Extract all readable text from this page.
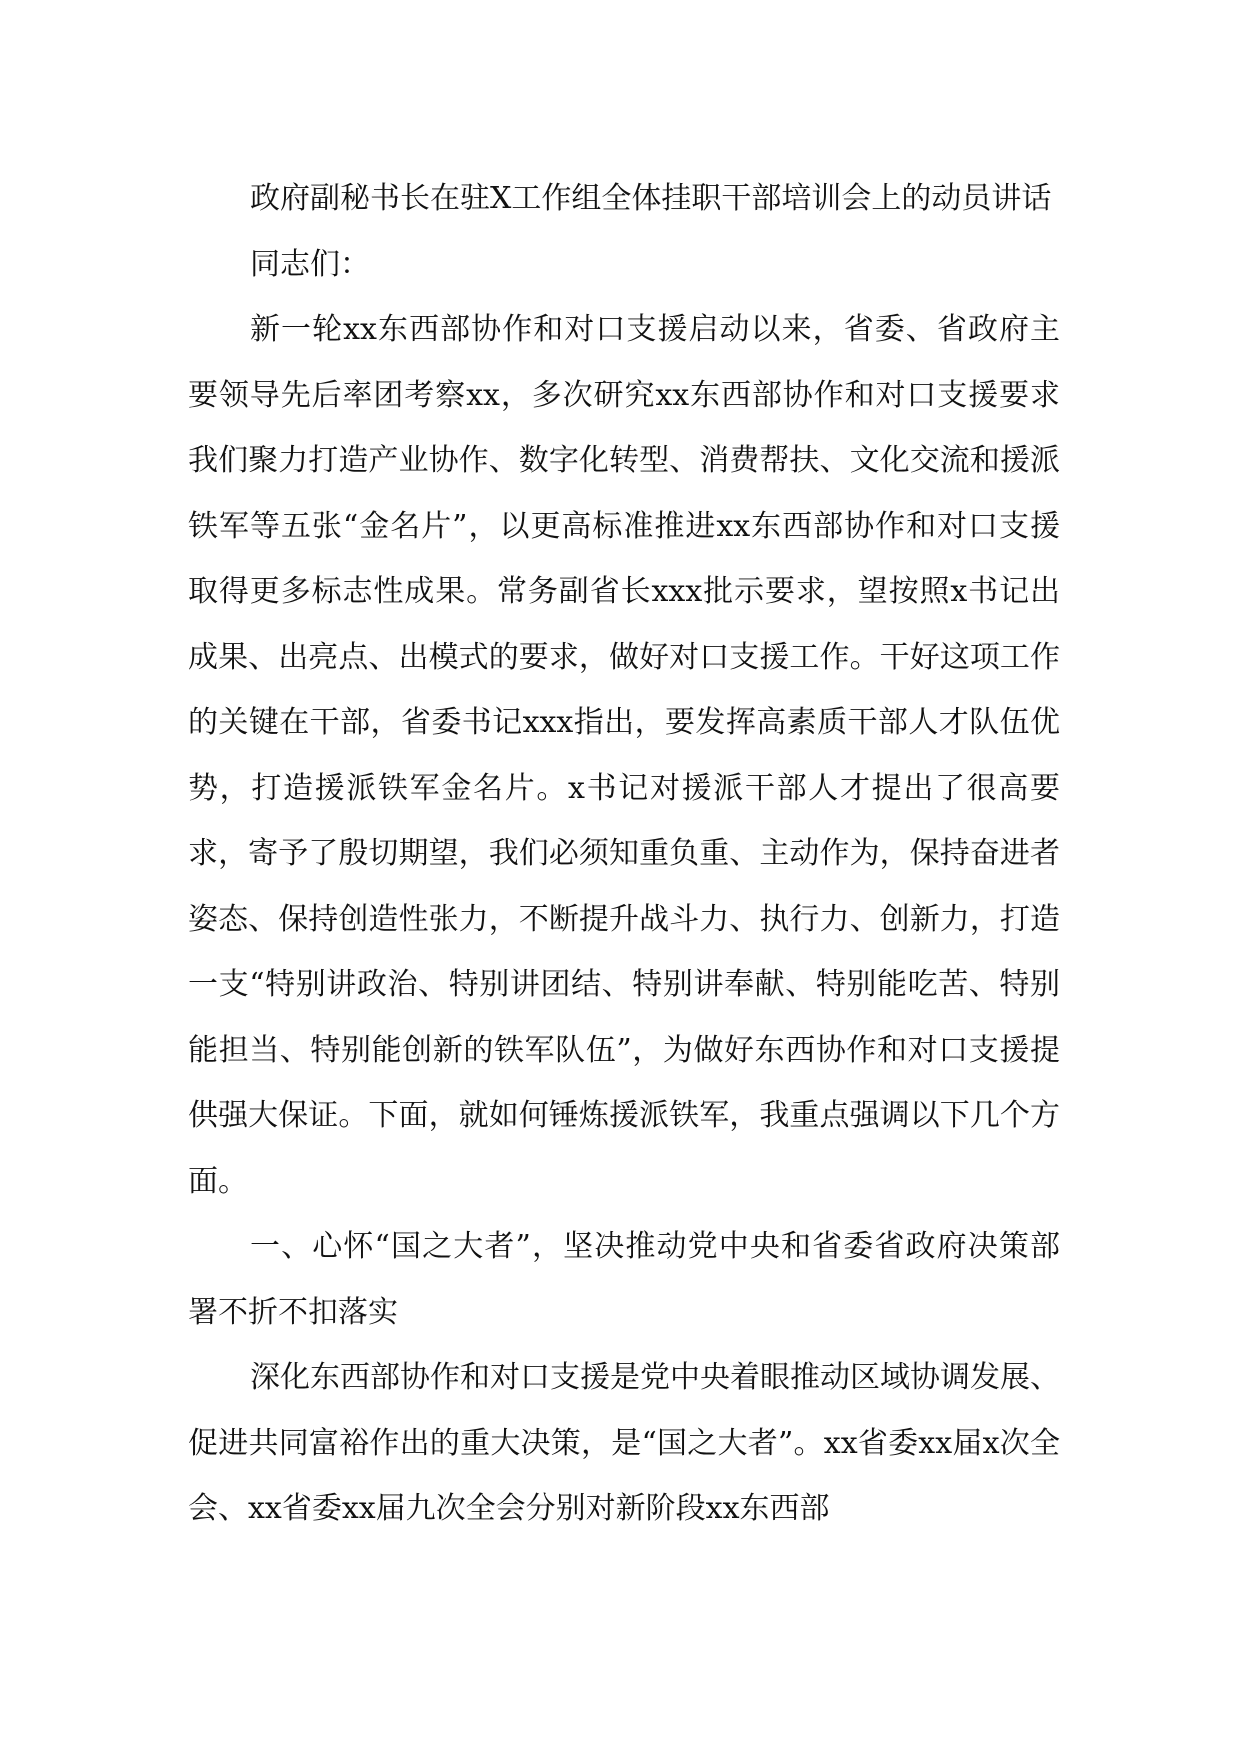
政府副秘书长在驻X工作组全体挂职干部培训会上的动员讲话

同志们：

新一轮xx东西部协作和对口支援启动以来，省委、省政府主要领导先后率团考察xx，多次研究xx东西部协作和对口支援要求我们聚力打造产业协作、数字化转型、消费帮扶、文化交流和援派铁军等五张“金名片”，以更高标准推进xx东西部协作和对口支援取得更多标志性成果。常务副省长xxx批示要求，望按照x书记出成果、出亮点、出模式的要求，做好对口支援工作。干好这项工作的关键在干部，省委书记xxx指出，要发挥高素质干部人才队伍优势，打造援派铁军金名片。x书记对援派干部人才提出了很高要求，寄予了殷切期望，我们必须知重负重、主动作为，保持奋进者姿态、保持创造性张力，不断提升战斗力、执行力、创新力，打造一支“特别讲政治、特别讲团结、特别讲奉献、特别能吃苦、特别能担当、特别能创新的铁军队伍”，为做好东西协作和对口支援提供强大保证。下面，就如何锤炼援派铁军，我重点强调以下几个方面。

一、心怀“国之大者”，坚决推动党中央和省委省政府决策部署不折不扣落实

深化东西部协作和对口支援是党中央着眼推动区域协调发展、促进共同富裕作出的重大决策，是“国之大者”。xx省委xx届x次全会、xx省委xx届九次全会分别对新阶段xx东西部
